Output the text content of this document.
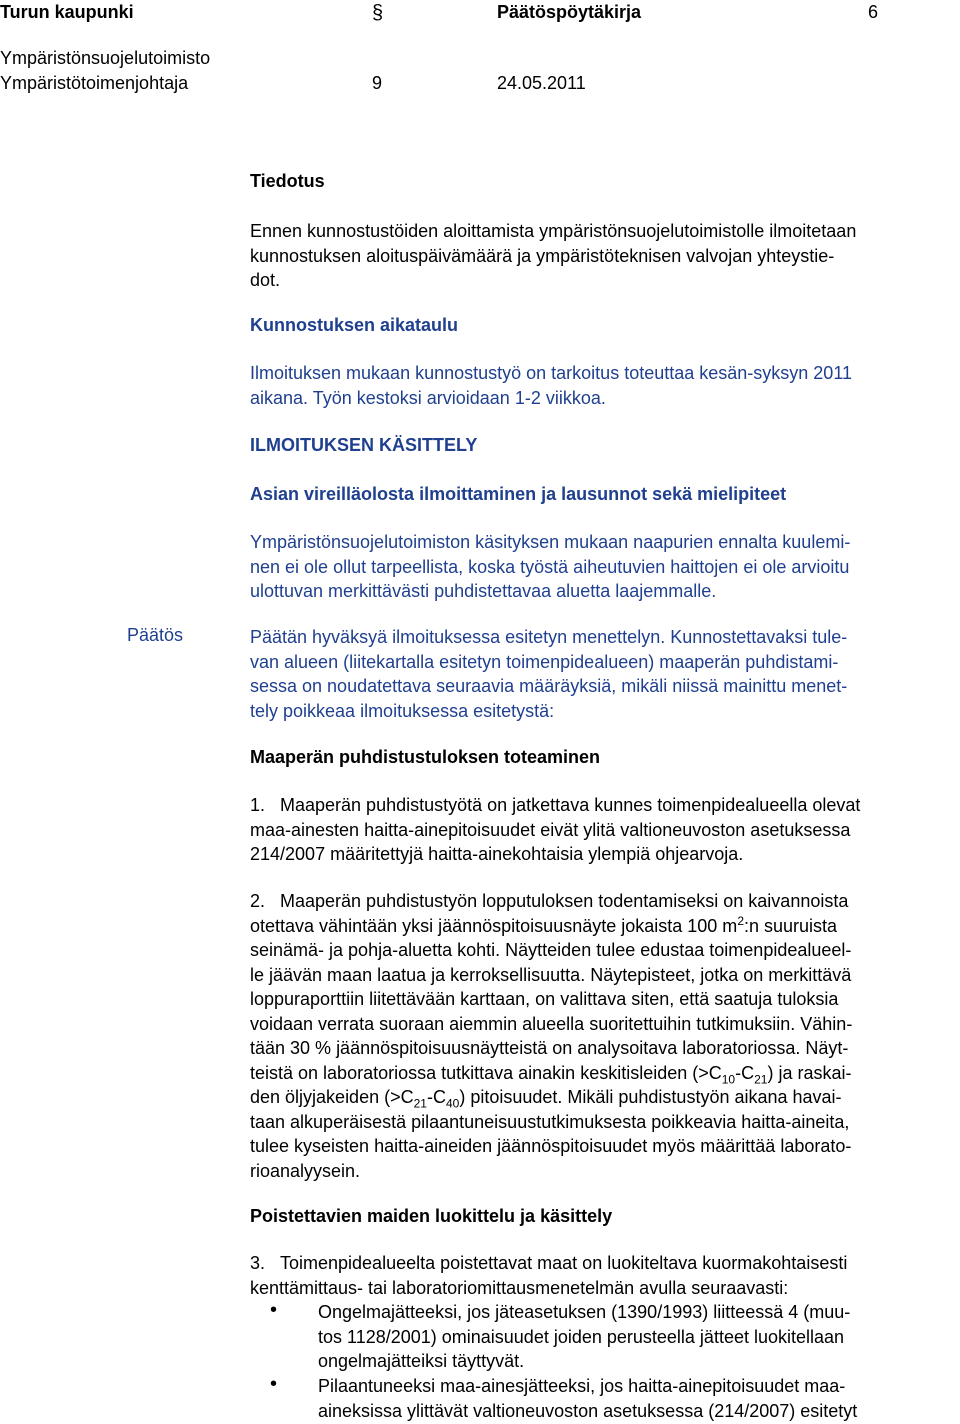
Turun kaupunki	§	Päätöspöytäkirja	6
Ympäristönsuojelutoimisto
Ympäristötoimenjohtaja	9	24.05.2011
Tiedotus
Ennen kunnostustöiden aloittamista ympäristönsuojelutoimistolle ilmoitetaan
kunnostuksen aloituspäivämäärä ja ympäristöteknisen valvojan yhteystie-
dot.
Kunnostuksen aikataulu
Ilmoituksen mukaan kunnostustyö on tarkoitus toteuttaa kesän-syksyn 2011
aikana. Työn kestoksi arvioidaan 1-2 viikkoa.
ILMOITUKSEN KÄSITTELY
Asian vireilläolosta ilmoittaminen ja lausunnot sekä mielipiteet
Ympäristönsuojelutoimiston käsityksen mukaan naapurien ennalta kuulemi-
nen ei ole ollut tarpeellista, koska työstä aiheutuvien haittojen ei ole arvioitu
ulottuvan merkittävästi puhdistettavaa aluetta laajemmalle.
Päätös	Päätän hyväksyä ilmoituksessa esitetyn menettelyn. Kunnostettavaksi tule-
van alueen (liitekartalla esitetyn toimenpidealueen) maaperän puhdistami-
sessa on noudatettava seuraavia määräyksiä, mikäli niissä mainittu menet-
tely poikkeaa ilmoituksessa esitetystä:
Maaperän puhdistustuloksen toteaminen
1. Maaperän puhdistustyötä on jatkettava kunnes toimenpidealueella olevat
maa-ainesten haitta-ainepitoisuudet eivät ylitä valtioneuvoston asetuksessa
214/2007 määritettyjä haitta-ainekohtaisia ylempiä ohjearvoja.
2. Maaperän puhdistustyön lopputuloksen todentamiseksi on kaivannoista
otettava vähintään yksi jäännöspitoisuusnäyte jokaista 100 $m^2:n$ suuruista
seinämä- ja pohja-aluetta kohti. Näytteiden tulee edustaa toimenpidealueel-
le jäävän maan laatua ja kerroksellisuutta. Näytepisteet, jotka on merkittävä
loppuraporttiin liitettävään karttaan, on valittava siten, että saatuja tuloksia
voidaan verrata suoraan aiemmin alueella suoritettuihin tutkimuksiin. Vähin-
tään 30 % jäännöspitoisuusnäytteistä on analysoitava laboratoriossa. Näyt-
teistä on laboratoriossa tutkittava ainakin keskitisleiden $(>C_{10}-C_{21})$ ja raskai-
den öljyjakeiden $(>C_{21}-C_{40})$ pitoisuudet. Mikäli puhdistustyön aikana havai-
taan alkuperäisestä pilaantuneisuustutkimuksesta poikkeavia haitta-aineita,
tulee kyseisten haitta-aineiden jäännöspitoisuudet myös määrittää laborato-
rioanalyysein.
Poistettavien maiden luokittelu ja käsittely
3. Toimenpidealueelta poistettavat maat on luokiteltava kuormakohtaisesti
kenttämittaus- tai laboratoriomittausmenetelmän avulla seuraavasti:
• Ongelmajätteeksi, jos jäteasetuksen (1390/1993) liitteessä 4 (muu-
tos 1128/2001) ominaisuudet joiden perusteella jätteet luokitellaan
ongelmajätteiksi täyttyvät.
• Pilaantuneeksi maa-ainesjätteeksi, jos haitta-ainepitoisuudet maa-
aineksissa ylittävät valtioneuvoston asetuksessa (214/2007) esitetyt
